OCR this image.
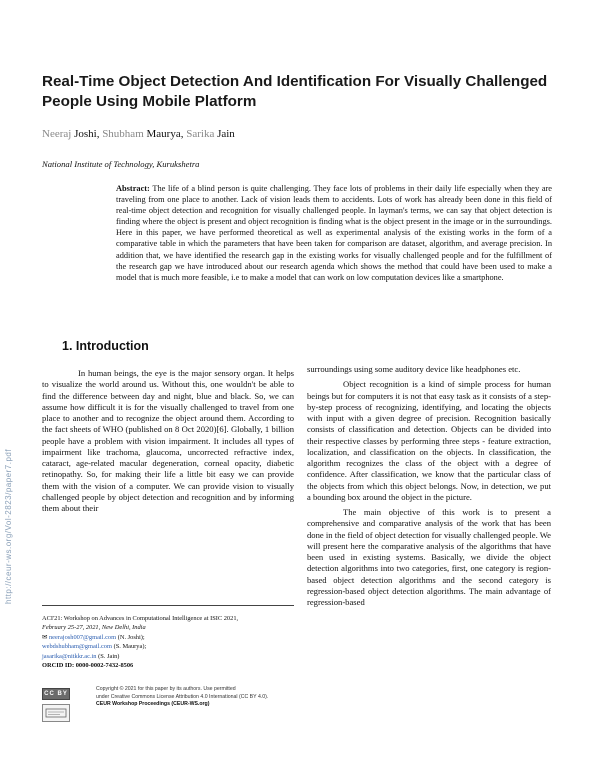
http://ceur-ws.org/Vol-2823/paper7.pdf
Real-Time Object Detection And Identification For Visually Challenged People Using Mobile Platform
Neeraj Joshi, Shubham Maurya, Sarika Jain
National Institute of Technology, Kurukshetra
Abstract: The life of a blind person is quite challenging. They face lots of problems in their daily life especially when they are traveling from one place to another. Lack of vision leads them to accidents. Lots of work has already been done in this field of real-time object detection and recognition for visually challenged people. In layman's terms, we can say that object detection is finding where the object is present and object recognition is finding what is the object present in the image or in the surroundings. Here in this paper, we have performed theoretical as well as experimental analysis of the existing works in the form of a comparative table in which the parameters that have been taken for comparison are dataset, algorithm, and average precision. In addition that, we have identified the research gap in the existing works for visually challenged people and for the fulfillment of the research gap we have introduced about our research agenda which shows the method that could have been used to make a model that is much more feasible, i.e to make a model that can work on low computation devices like a smartphone.
1. Introduction

In human beings, the eye is the major sensory organ. It helps to visualize the world around us. Without this, one wouldn't be able to find the difference between day and night, blue and black. So, we can assume how difficult it is for the visually challenged to travel from one place to another and to recognize the object around them. According to the fact sheets of WHO (published on 8 Oct 2020)[6]. Globally, 1 billion people have a problem with vision impairment. It includes all types of impairment like trachoma, glaucoma, uncorrected refractive index, cataract, age-related macular degeneration, corneal opacity, diabetic retinopathy. So, for making their life a little bit easy we can provide them with the vision of a computer. We can provide vision to visually challenged people by object detection and recognition and by informing them about their

surroundings using some auditory device like headphones etc.

Object recognition is a kind of simple process for human beings but for computers it is not that easy task as it consists of a step-by-step process of recognizing, identifying, and locating the objects with input with a given degree of precision. Recognition basically consists of classification and detection. Objects can be divided into their respective classes by performing three steps - feature extraction, localization, and classification on the objects. In classification, the algorithm recognizes the class of the object with a degree of confidence. After classification, we know that the particular class of the objects from which this object belongs. Now, in detection, we put a bounding box around the object in the picture.

The main objective of this work is to present a comprehensive and comparative analysis of the work that has been done in the field of object detection for visually challenged people. We will present here the comparative analysis of the algorithms that have been used in existing systems. Basically, we divide the object detection algorithms into two categories, first, one category is region-based object detection algorithms and the second category is regression-based object detection algorithms. The main advantage of regression-based

ACI'21: Workshop on Advances in Computational Intelligence at ISIC 2021,
February 25-27, 2021, New Delhi, India
✉ neerajosh007@gmail.com (N. Joshi);
webdshubham@gmail.com (S. Maurya);
jasarika@nitkkr.ac.in (S. Jain)
ORCID ID: 0000-0002-7432-8506
CC BY
Copyright © 2021 for this paper by its authors. Use permitted
under Creative Commons License Attribution 4.0 International (CC BY 4.0).
CEUR Workshop Proceedings (CEUR-WS.org)
